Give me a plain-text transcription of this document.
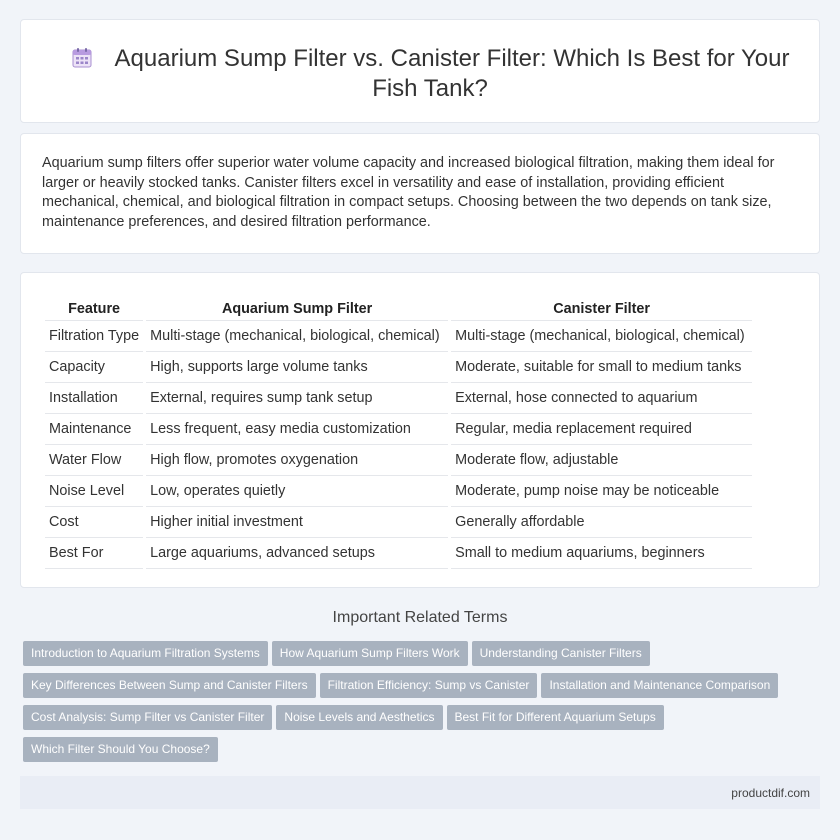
Aquarium Sump Filter vs. Canister Filter: Which Is Best for Your Fish Tank?

Aquarium sump filters offer superior water volume capacity and increased biological filtration, making them ideal for larger or heavily stocked tanks. Canister filters excel in versatility and ease of installation, providing efficient mechanical, chemical, and biological filtration in compact setups. Choosing between the two depends on tank size, maintenance preferences, and desired filtration performance.

Feature	Aquarium Sump Filter	Canister Filter
Filtration Type	Multi-stage (mechanical, biological, chemical)	Multi-stage (mechanical, biological, chemical)
Capacity	High, supports large volume tanks	Moderate, suitable for small to medium tanks
Installation	External, requires sump tank setup	External, hose connected to aquarium
Maintenance	Less frequent, easy media customization	Regular, media replacement required
Water Flow	High flow, promotes oxygenation	Moderate flow, adjustable
Noise Level	Low, operates quietly	Moderate, pump noise may be noticeable
Cost	Higher initial investment	Generally affordable
Best For	Large aquariums, advanced setups	Small to medium aquariums, beginners
Important Related Terms
Introduction to Aquarium Filtration Systems How Aquarium Sump Filters Work Understanding Canister Filters
Key Differences Between Sump and Canister Filters Filtration Efficiency: Sump vs Canister Installation and Maintenance Comparison
Cost Analysis: Sump Filter vs Canister Filter Noise Levels and Aesthetics Best Fit for Different Aquarium Setups
Which Filter Should You Choose?
productdif.com
